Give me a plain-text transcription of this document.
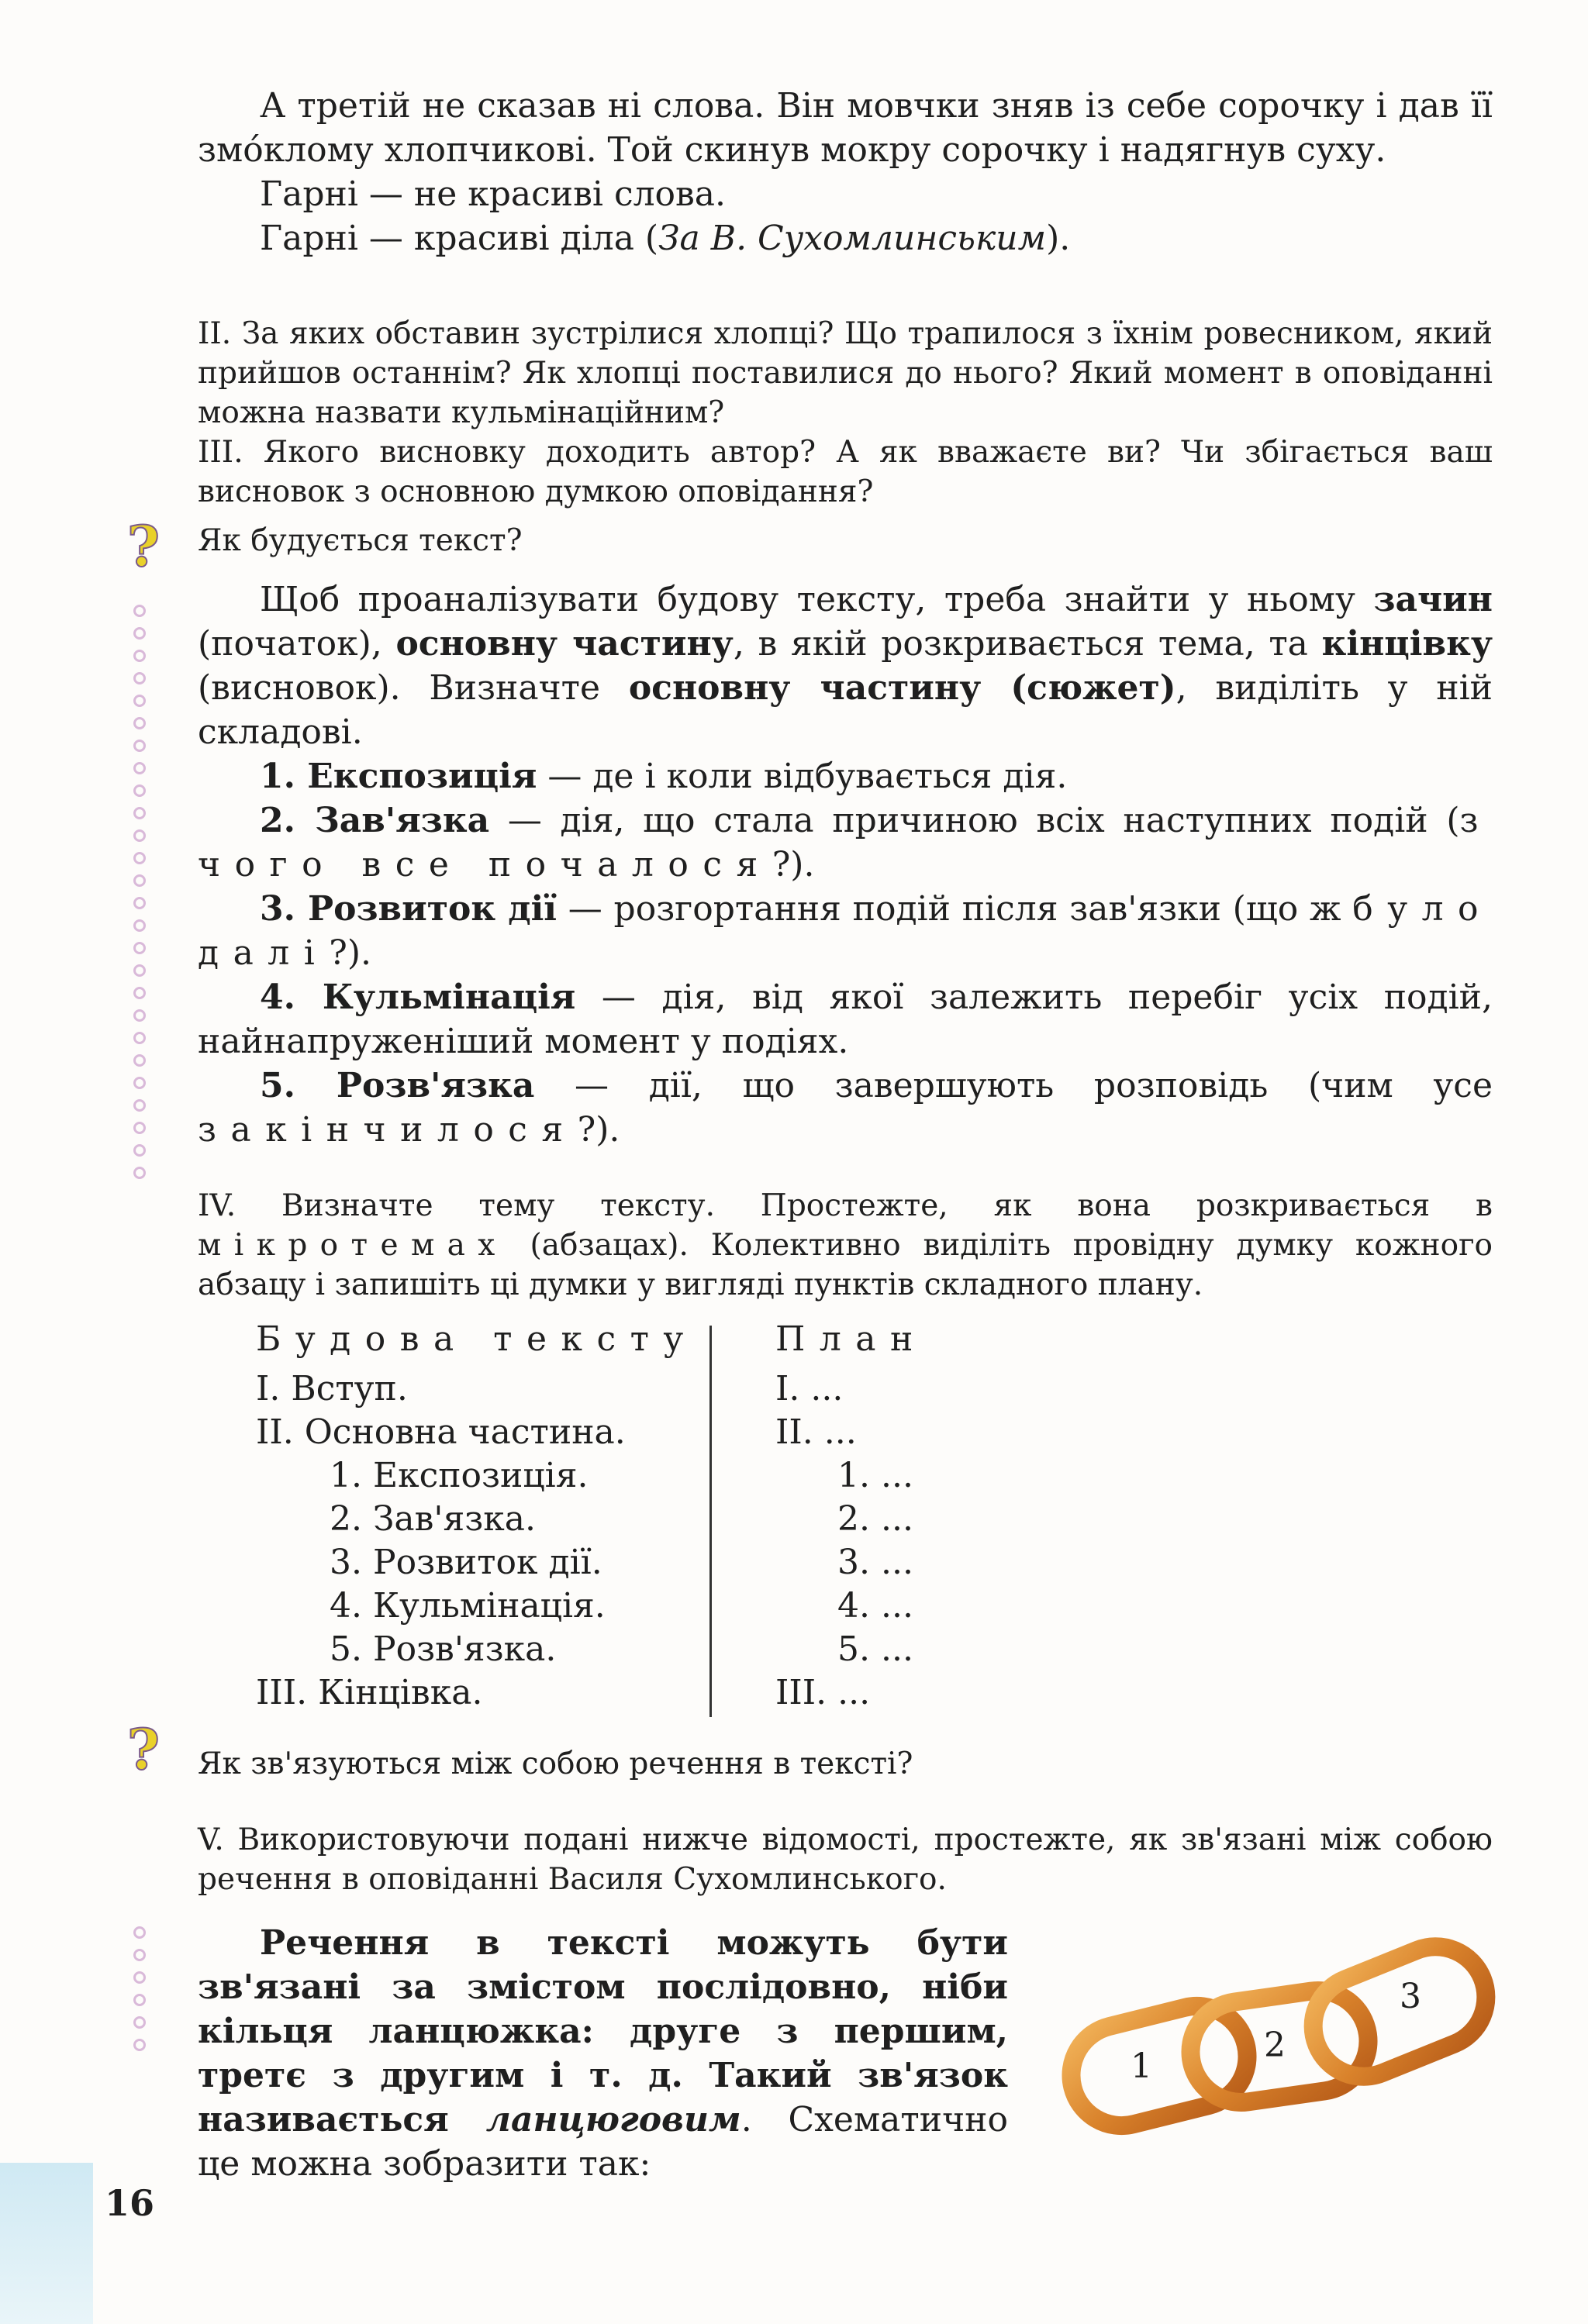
А третій не сказав ні слова. Він мовчки зняв із себе сорочку і дав її змо́клому хлопчикові. Той скинув мокру сорочку і надягнув суху.

Гарні — не красиві слова.

Гарні — красиві діла (За В. Сухомлинським).

II. За яких обставин зустрілися хлопці? Що трапилося з їхнім ровесником, який прийшов останнім? Як хлопці поставилися до нього? Який момент в оповіданні можна назвати кульмінаційним?

III. Якого висновку доходить автор? А як вважаєте ви? Чи збігається ваш висновок з основною думкою оповідання?

? Як будується текст?

Щоб проаналізувати будову тексту, треба знайти у ньому зачин (початок), основну частину, в якій розкривається тема, та кінцівку (висновок). Визначте основну частину (сюжет), виділіть у ній складові.

1. Експозиція — де і коли відбувається дія.

2. Зав'язка — дія, що стала причиною всіх наступних подій (з чого все почалося?).

3. Розвиток дії — розгортання подій після зав'язки (що ж було далі?).

4. Кульмінація — дія, від якої залежить перебіг усіх подій, найнапруженіший момент у подіях.

5. Розв'язка — дії, що завершують розповідь (чим усе закінчилося?).

IV. Визначте тему тексту. Простежте, як вона розкривається в мікротемах (абзацах). Колективно виділіть провідну думку кожного абзацу і запишіть ці думки у вигляді пунктів складного плану.
Будова тексту
I. Вступ.
II. Основна частина.
1. Експозиція.
2. Зав'язка.
3. Розвиток дії.
4. Кульмінація.
5. Розв'язка.
III. Кінцівка.
План
I. ...
II. ...
1. ...
2. ...
3. ...
4. ...
5. ...
III. ...
? Як зв'язуються між собою речення в тексті?
V. Використовуючи подані нижче відомості, простежте, як зв'язані між собою речення в оповіданні Василя Сухомлинського.

Речення в тексті можуть бути зв'язані за змістом послідовно, ніби кільця ланцюжка: друге з першим, третє з другим і т. д. Такий зв'язок називається ланцюговим. Схематично це можна зобразити так:

1
2
3
16
